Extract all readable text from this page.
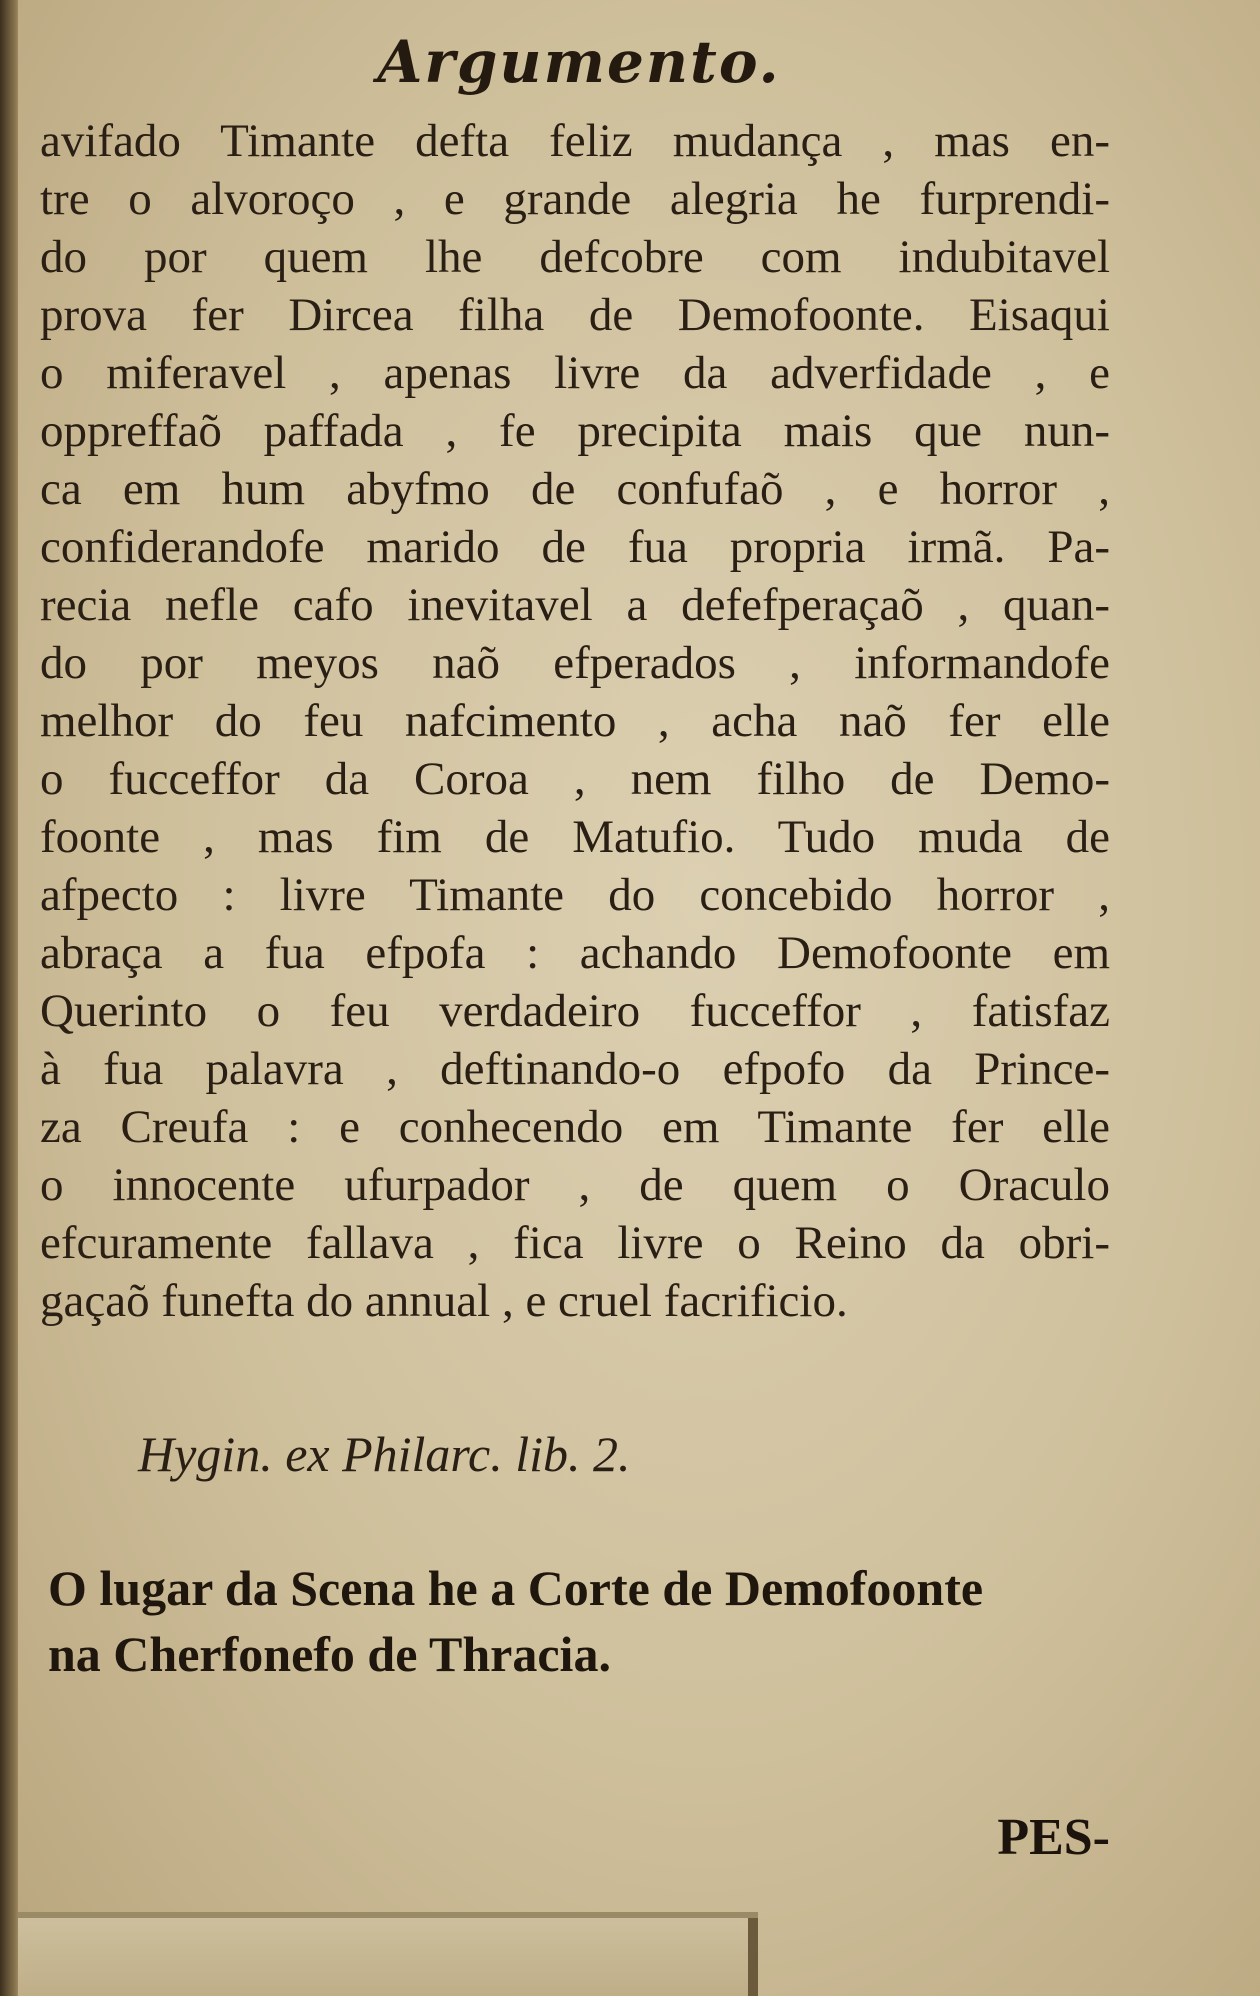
Argumento.
avifado Timante defta feliz mudança , mas en-
tre o alvoroço , e grande alegria he furprendi-
do por quem lhe defcobre com indubitavel
prova fer Dircea filha de Demofoonte. Eisaqui
o miferavel , apenas livre da adverfidade , e
oppreffaõ paffada , fe precipita mais que nun-
ca em hum abyfmo de confufaõ , e horror ,
confiderandofe marido de fua propria irmã. Pa-
recia nefle cafo inevitavel a defefperaçaõ , quan-
do por meyos naõ efperados , informandofe
melhor do feu nafcimento , acha naõ fer elle
o fucceffor da Coroa , nem filho de Demo-
foonte , mas fim de Matufio. Tudo muda de
afpecto : livre Timante do concebido horror ,
abraça a fua efpofa : achando Demofoonte em
Querinto o feu verdadeiro fucceffor , fatisfaz
à fua palavra , deftinando-o efpofo da Prince-
za Creufa : e conhecendo em Timante fer elle
o innocente ufurpador , de quem o Oraculo
efcuramente fallava , fica livre o Reino da obri-
gaçaõ funefta do annual , e cruel facrificio.
Hygin. ex Philarc. lib. 2.
O lugar da Scena he a Corte de Demofoonte
na Cherfonefo de Thracia.
PES-
